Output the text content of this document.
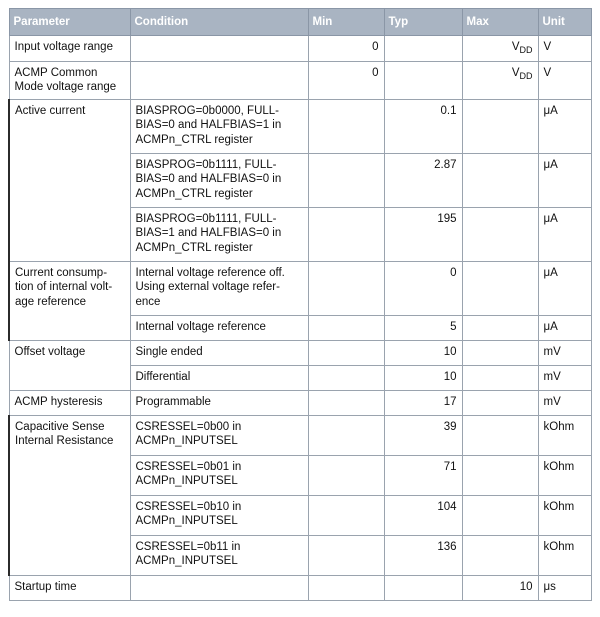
Parameter	Condition	Min	Typ	Max	Unit
Input voltage range		0		$V_{DD}$	V
ACMP Common
Mode voltage range		0		$V_{DD}$	V
Active current	BIASPROG=0b0000, FULL-
BIAS=0 and HALFBIAS=1 in
ACMPn_CTRL register		0.1		μA
	BIASPROG=0b1111, FULL-
BIAS=0 and HALFBIAS=0 in
ACMPn_CTRL register		2.87		μA
	BIASPROG=0b1111, FULL-
BIAS=1 and HALFBIAS=0 in
ACMPn_CTRL register		195		μA
Current consump-
tion of internal volt-
age reference	Internal voltage reference off.
Using external voltage refer-
ence		0		μA
	Internal voltage reference		5		μA
Offset voltage	Single ended		10		mV
	Differential		10		mV
ACMP hysteresis	Programmable		17		mV
Capacitive Sense
Internal Resistance	CSRESSEL=0b00 in
ACMPn_INPUTSEL		39		kOhm
	CSRESSEL=0b01 in
ACMPn_INPUTSEL		71		kOhm
	CSRESSEL=0b10 in
ACMPn_INPUTSEL		104		kOhm
	CSRESSEL=0b11 in
ACMPn_INPUTSEL		136		kOhm
Startup time				10	μs
